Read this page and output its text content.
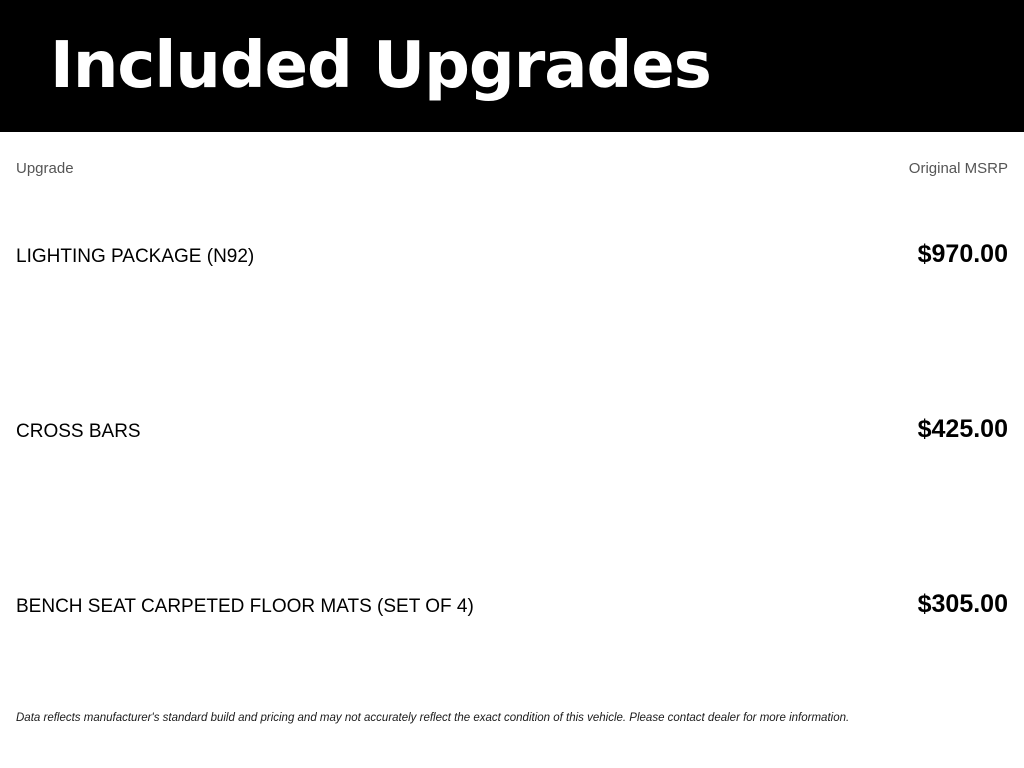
Included Upgrades
Upgrade	Original MSRP
LIGHTING PACKAGE (N92)	$970.00
CROSS BARS	$425.00
BENCH SEAT CARPETED FLOOR MATS (SET OF 4)	$305.00
Data reflects manufacturer's standard build and pricing and may not accurately reflect the exact condition of this vehicle. Please contact dealer for more information.
